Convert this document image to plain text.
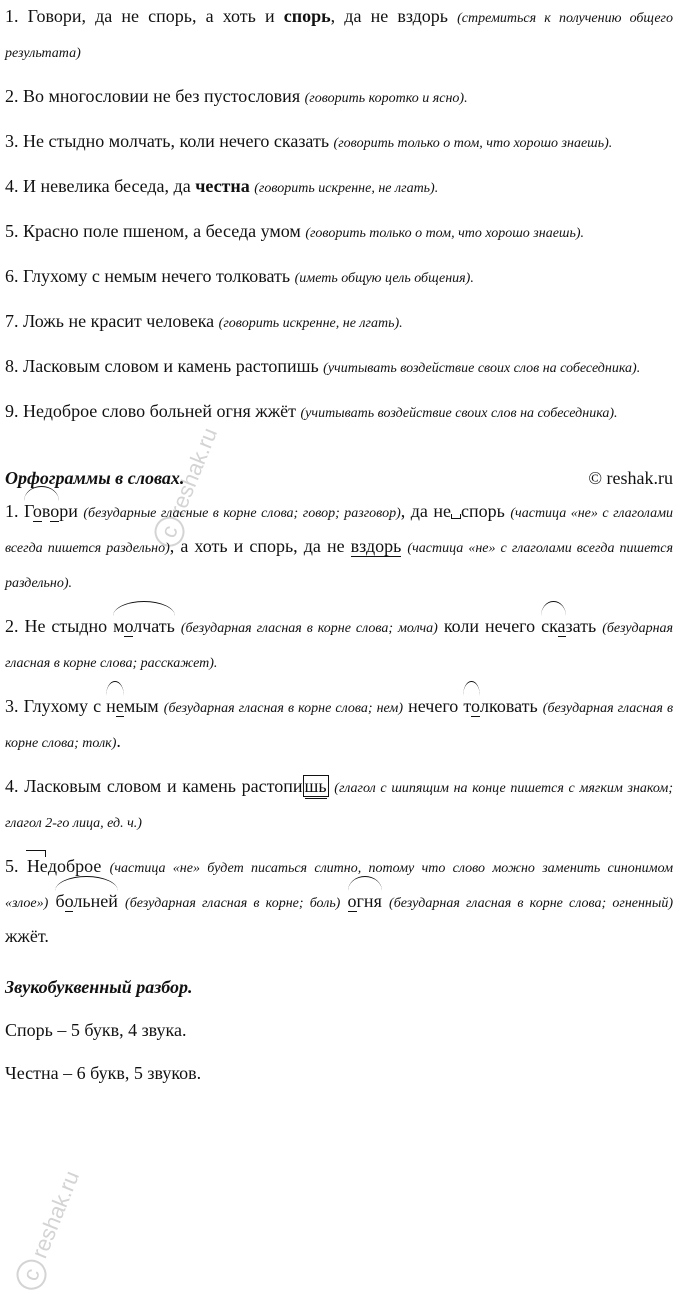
creshak.ru
creshak.ru

1. Говори, да не спорь, а хоть и спорь, да не вздорь (стремиться к получению общего результата)

2. Во многословии не без пустословия (говорить коротко и ясно).

3. Не стыдно молчать, коли нечего сказать (говорить только о том, что хорошо знаешь).

4. И невелика беседа, да честна (говорить искренне, не лгать).

5. Красно поле пшеном, а беседа умом (говорить только о том, что хорошо знаешь).

6. Глухому с немым нечего толковать (иметь общую цель общения).

7. Ложь не красит человека (говорить искренне, не лгать).

8. Ласковым словом и камень растопишь (учитывать воздействие своих слов на собеседника).

9. Недоброе слово больней огня жжёт (учитывать воздействие своих слов на собеседника).

Орфограммы в словах.	© reshak.ru

1. Говори (безударные гласные в корне слова; говор; разговор), да не спорь (частица «не» с глаголами всегда пишется раздельно), а хоть и спорь, да не вздорь (частица «не» с глаголами всегда пишется раздельно).

2. Не стыдно молчать (безударная гласная в корне слова; молча) коли нечего сказать (безударная гласная в корне слова; расскажет).

3. Глухому с немым (безударная гласная в корне слова; нем) нечего толковать (безударная гласная в корне слова; толк).

4. Ласковым словом и камень растопи шь (глагол с шипящим на конце пишется с мягким знаком; глагол 2-го лица, ед. ч.)

5. Недоброе (частица «не» будет писаться слитно, потому что слово можно заменить синонимом «злое») больней (безударная гласная в корне; боль) огня (безударная гласная в корне слова; огненный) жжёт.

Звукобуквенный разбор.

Спорь – 5 букв, 4 звука.

Честна – 6 букв, 5 звуков.
